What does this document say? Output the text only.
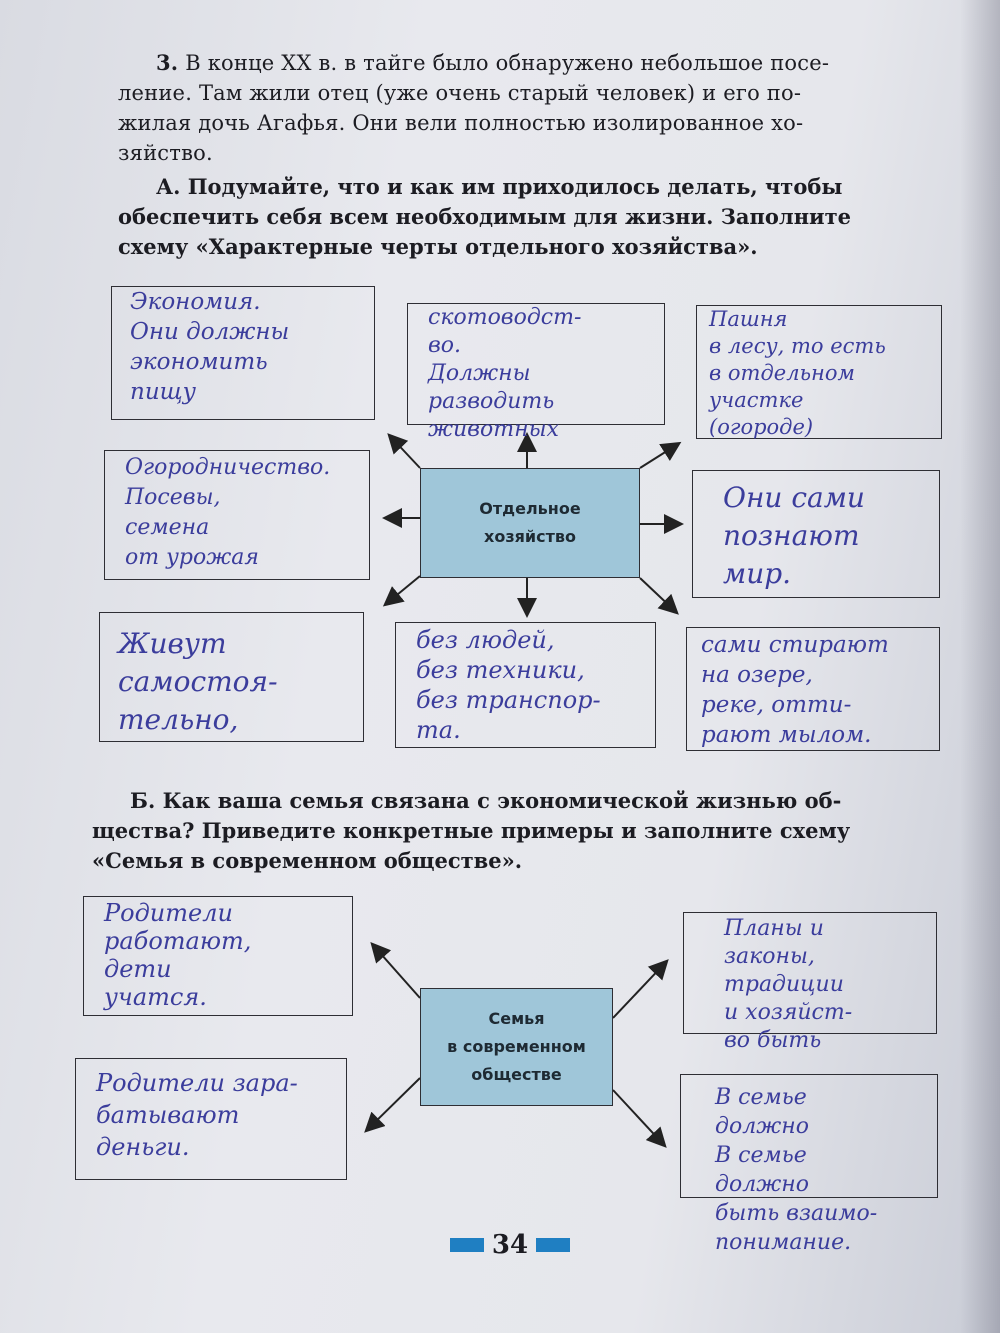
3. В конце XX в. в тайге было обнаружено небольшое посе-
ление. Там жили отец (уже очень старый человек) и его по-
жилая дочь Агафья. Они вели полностью изолированное хо-
зяйство.
А. Подумайте, что и как им приходилось делать, чтобы
обеспечить себя всем необходимым для жизни. Заполните
схему «Характерные черты отдельного хозяйства».
Экономия.
Они должны
экономить
пищу
скотоводст-
во.
Должны
разводить животных
Пашня
в лесу, то есть
в отдельном
участке
(огороде)
Огородничество.
Посевы,
семена
от урожая
Отдельное
хозяйство
Они сами
познают
мир.
Живут
самостоя-
тельно,
без людей,
без техники,
без транспор-
та.
сами стирают
на озере,
реке, отти-
рают мылом.
Б. Как ваша семья связана с экономической жизнью об-
щества? Приведите конкретные примеры и заполните схему
«Семья в современном обществе».
Родители
работают,
дети
учатся.
Планы и
законы,
традиции
и хозяйст-
во быть
Семья
в современном
обществе
Родители зара-
батывают
деньги.
В семье
должно
В семье
должно
быть взаимо-
понимание.
34
